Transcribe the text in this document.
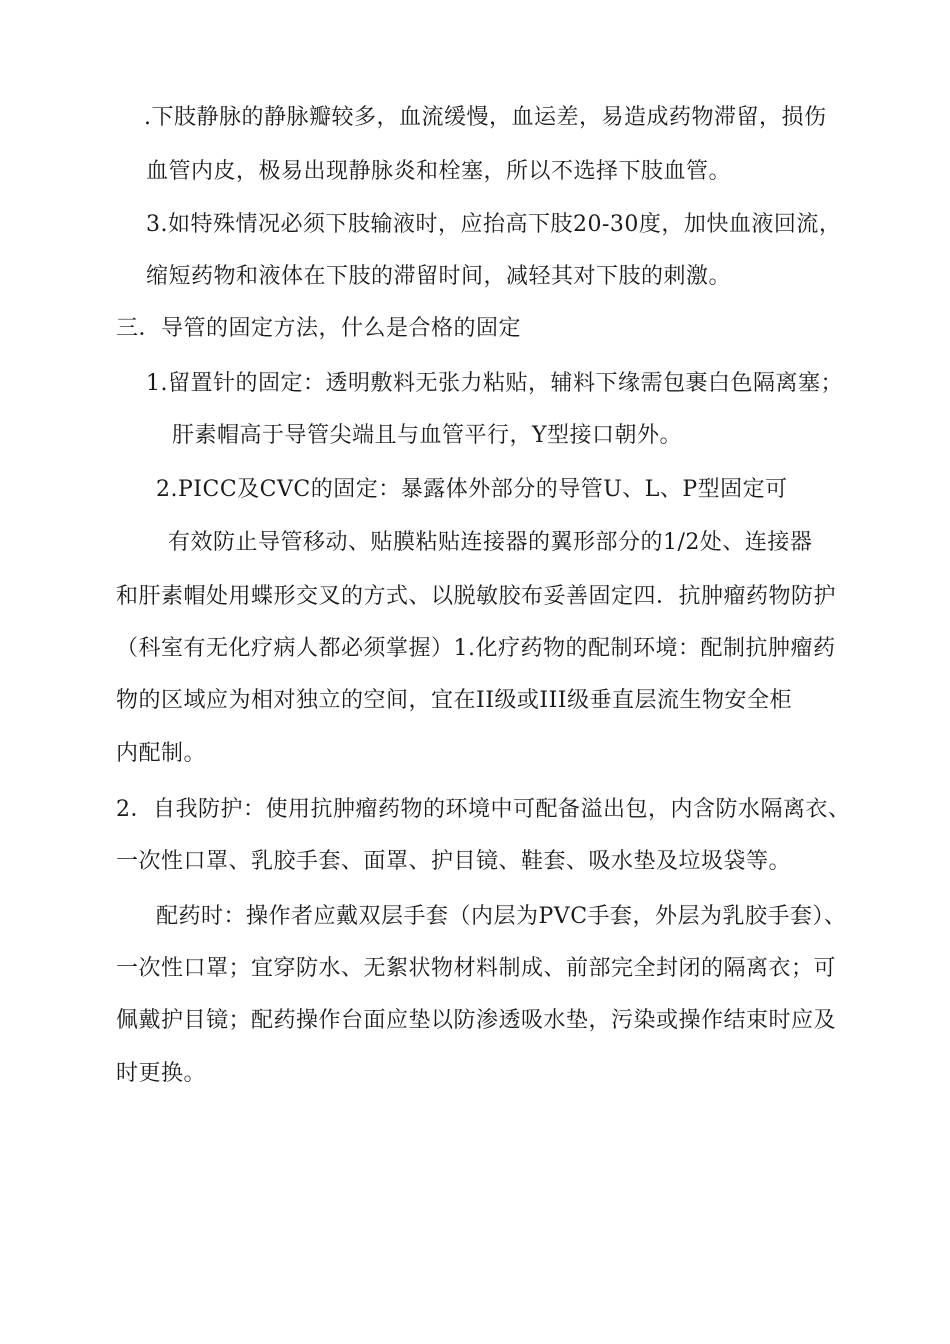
.下肢静脉的静脉瓣较多，血流缓慢，血运差，易造成药物滞留，损伤
血管内皮，极易出现静脉炎和栓塞，所以不选择下肢血管。
3.如特殊情况必须下肢输液时，应抬高下肢20-30度，加快血液回流，
缩短药物和液体在下肢的滞留时间，减轻其对下肢的刺激。
三．导管的固定方法，什么是合格的固定
1.留置针的固定：透明敷料无张力粘贴，辅料下缘需包裹白色隔离塞；
肝素帽高于导管尖端且与血管平行，Y型接口朝外。
2.PICC及CVC的固定：暴露体外部分的导管U、L、P型固定可
有效防止导管移动、贴膜粘贴连接器的翼形部分的1/2处、连接器
和肝素帽处用蝶形交叉的方式、以脱敏胶布妥善固定四．抗肿瘤药物防护
（科室有无化疗病人都必须掌握）1.化疗药物的配制环境：配制抗肿瘤药
物的区域应为相对独立的空间，宜在II级或III级垂直层流生物安全柜
内配制。
2．自我防护：使用抗肿瘤药物的环境中可配备溢出包，内含防水隔离衣、
一次性口罩、乳胶手套、面罩、护目镜、鞋套、吸水垫及垃圾袋等。
配药时：操作者应戴双层手套（内层为PVC手套，外层为乳胶手套）、
一次性口罩；宜穿防水、无絮状物材料制成、前部完全封闭的隔离衣；可
佩戴护目镜；配药操作台面应垫以防渗透吸水垫，污染或操作结束时应及
时更换。
